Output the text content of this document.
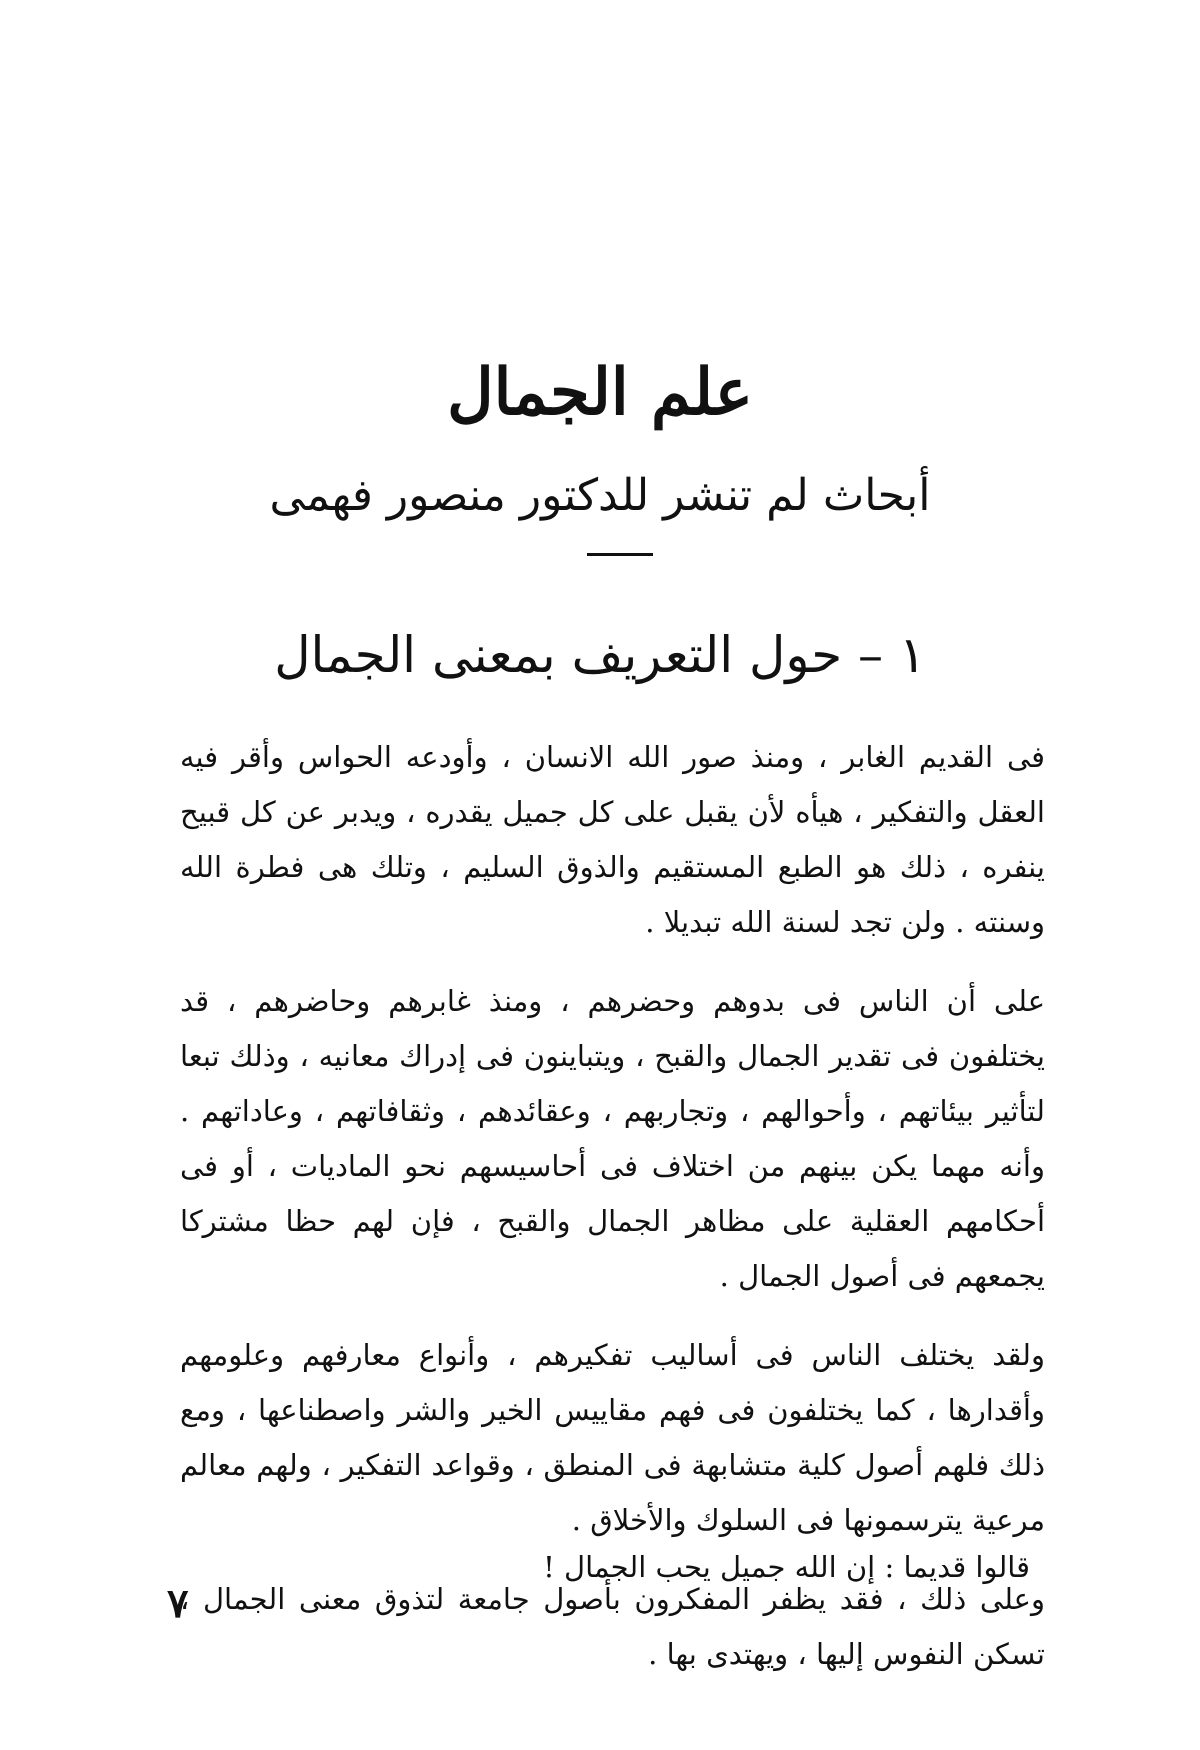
علم الجمال
أبحاث لم تنشر للدكتور منصور فهمى
١ – حول التعريف بمعنى الجمال

فى القديم الغابر ، ومنذ صور الله الانسان ، وأودعه الحواس وأقر فيه العقل والتفكير ، هيأه لأن يقبل على كل جميل يقدره ، ويدبر عن كل قبيح ينفره ، ذلك هو الطبع المستقيم والذوق السليم ، وتلك هى فطرة الله وسنته . ولن تجد لسنة الله تبديلا .

على أن الناس فى بدوهم وحضرهم ، ومنذ غابرهم وحاضرهم ، قد يختلفون فى تقدير الجمال والقبح ، ويتباينون فى إدراك معانيه ، وذلك تبعا لتأثير بيئاتهم ، وأحوالهم ، وتجاربهم ، وعقائدهم ، وثقافاتهم ، وعاداتهم . وأنه مهما يكن بينهم من اختلاف فى أحاسيسهم نحو الماديات ، أو فى أحكامهم العقلية على مظاهر الجمال والقبح ، فإن لهم حظا مشتركا يجمعهم فى أصول الجمال .

ولقد يختلف الناس فى أساليب تفكيرهم ، وأنواع معارفهم وعلومهم وأقدارها ، كما يختلفون فى فهم مقاييس الخير والشر واصطناعها ، ومع ذلك فلهم أصول كلية متشابهة فى المنطق ، وقواعد التفكير ، ولهم معالم مرعية يترسمونها فى السلوك والأخلاق .

وعلى ذلك ، فقد يظفر المفكرون بأصول جامعة لتذوق معنى الجمال ، تسكن النفوس إليها ، ويهتدى بها .

قالوا قديما : إن الله جميل يحب الجمال !
٧
